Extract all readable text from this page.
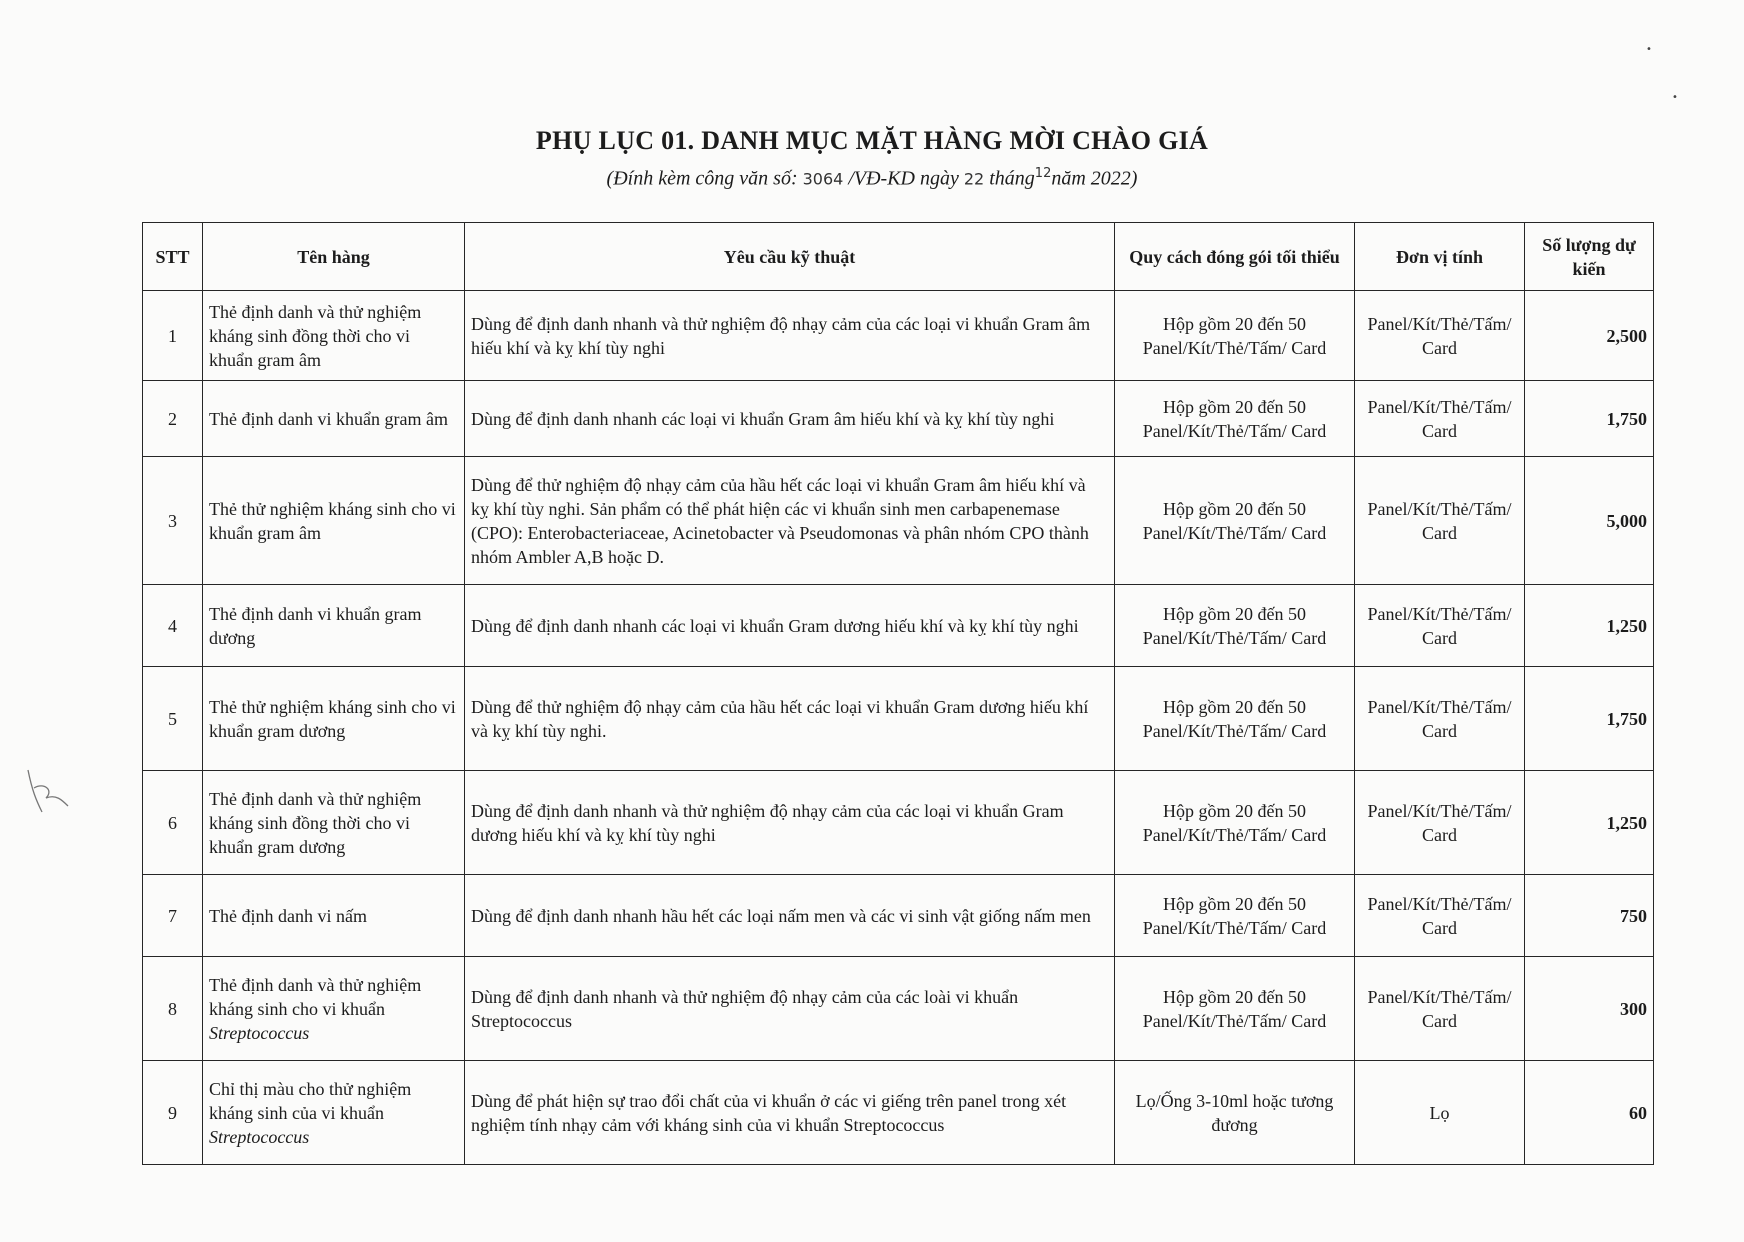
PHỤ LỤC 01. DANH MỤC MẶT HÀNG MỜI CHÀO GIÁ
(Đính kèm công văn số: 3064 /VĐ-KD ngày 22 tháng$^{12}$năm 2022)
STT	Tên hàng	Yêu cầu kỹ thuật	Quy cách đóng gói tối thiểu	Đơn vị tính	Số lượng dự kiến
1	Thẻ định danh và thử nghiệm kháng sinh đồng thời cho vi khuẩn gram âm	Dùng để định danh nhanh và thử nghiệm độ nhạy cảm của các loại vi khuẩn Gram âm hiếu khí và kỵ khí tùy nghi	Hộp gồm 20 đến 50 Panel/Kít/Thẻ/Tấm/ Card	Panel/Kít/Thẻ/Tấm/ Card	2,500
2	Thẻ định danh vi khuẩn gram âm	Dùng để định danh nhanh các loại vi khuẩn Gram âm hiếu khí và kỵ khí tùy nghi	Hộp gồm 20 đến 50 Panel/Kít/Thẻ/Tấm/ Card	Panel/Kít/Thẻ/Tấm/ Card	1,750
3	Thẻ thử nghiệm kháng sinh cho vi khuẩn gram âm	Dùng để thử nghiệm độ nhạy cảm của hầu hết các loại vi khuẩn Gram âm hiếu khí và kỵ khí tùy nghi. Sản phẩm có thể phát hiện các vi khuẩn sinh men carbapenemase (CPO): Enterobacteriaceae, Acinetobacter và Pseudomonas và phân nhóm CPO thành nhóm Ambler A,B hoặc D.	Hộp gồm 20 đến 50 Panel/Kít/Thẻ/Tấm/ Card	Panel/Kít/Thẻ/Tấm/ Card	5,000
4	Thẻ định danh vi khuẩn gram dương	Dùng để định danh nhanh các loại vi khuẩn Gram dương hiếu khí và kỵ khí tùy nghi	Hộp gồm 20 đến 50 Panel/Kít/Thẻ/Tấm/ Card	Panel/Kít/Thẻ/Tấm/ Card	1,250
5	Thẻ thử nghiệm kháng sinh cho vi khuẩn gram dương	Dùng để thử nghiệm độ nhạy cảm của hầu hết các loại vi khuẩn Gram dương hiếu khí và kỵ khí tùy nghi.	Hộp gồm 20 đến 50 Panel/Kít/Thẻ/Tấm/ Card	Panel/Kít/Thẻ/Tấm/ Card	1,750
6	Thẻ định danh và thử nghiệm kháng sinh đồng thời cho vi khuẩn gram dương	Dùng để định danh nhanh và thử nghiệm độ nhạy cảm của các loại vi khuẩn Gram dương hiếu khí và kỵ khí tùy nghi	Hộp gồm 20 đến 50 Panel/Kít/Thẻ/Tấm/ Card	Panel/Kít/Thẻ/Tấm/ Card	1,250
7	Thẻ định danh vi nấm	Dùng để định danh nhanh hầu hết các loại nấm men và các vi sinh vật giống nấm men	Hộp gồm 20 đến 50 Panel/Kít/Thẻ/Tấm/ Card	Panel/Kít/Thẻ/Tấm/ Card	750
8	Thẻ định danh và thử nghiệm kháng sinh cho vi khuẩn
Streptococcus	Dùng để định danh nhanh và thử nghiệm độ nhạy cảm của các loài vi khuẩn Streptococcus	Hộp gồm 20 đến 50 Panel/Kít/Thẻ/Tấm/ Card	Panel/Kít/Thẻ/Tấm/ Card	300
9	Chỉ thị màu cho thử nghiệm kháng sinh của vi khuẩn
Streptococcus	Dùng để phát hiện sự trao đổi chất của vi khuẩn ở các vi giếng trên panel trong xét nghiệm tính nhạy cảm với kháng sinh của vi khuẩn Streptococcus	Lọ/Ống 3-10ml hoặc tương đương	Lọ	60
•
•
